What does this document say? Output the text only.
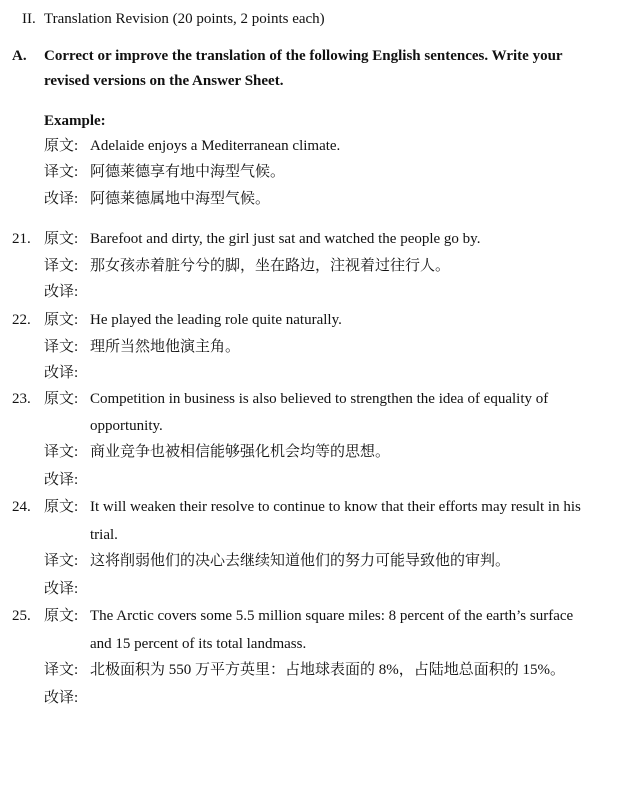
II. Translation Revision (20 points, 2 points each)
A. Correct or improve the translation of the following English sentences. Write your
revised versions on the Answer Sheet.
Example:
原文: Adelaide enjoys a Mediterranean climate.
译文: 阿德莱德享有地中海型气候。
改译: 阿德莱德属地中海型气候。
21. 原文: Barefoot and dirty, the girl just sat and watched the people go by.
译文: 那女孩赤着脏兮兮的脚，坐在路边，注视着过往行人。
改译:
22. 原文: He played the leading role quite naturally.
译文: 理所当然地他演主角。
改译:
23. 原文: Competition in business is also believed to strengthen the idea of equality of
opportunity.
译文: 商业竞争也被相信能够强化机会均等的思想。
改译:
24. 原文: It will weaken their resolve to continue to know that their efforts may result in his
trial.
译文: 这将削弱他们的决心去继续知道他们的努力可能导致他的审判。
改译:
25. 原文: The Arctic covers some 5.5 million square miles: 8 percent of the earth’s surface
and 15 percent of its total landmass.
译文: 北极面积为 550 万平方英里：占地球表面的 8%，占陆地总面积的 15%。
改译:
